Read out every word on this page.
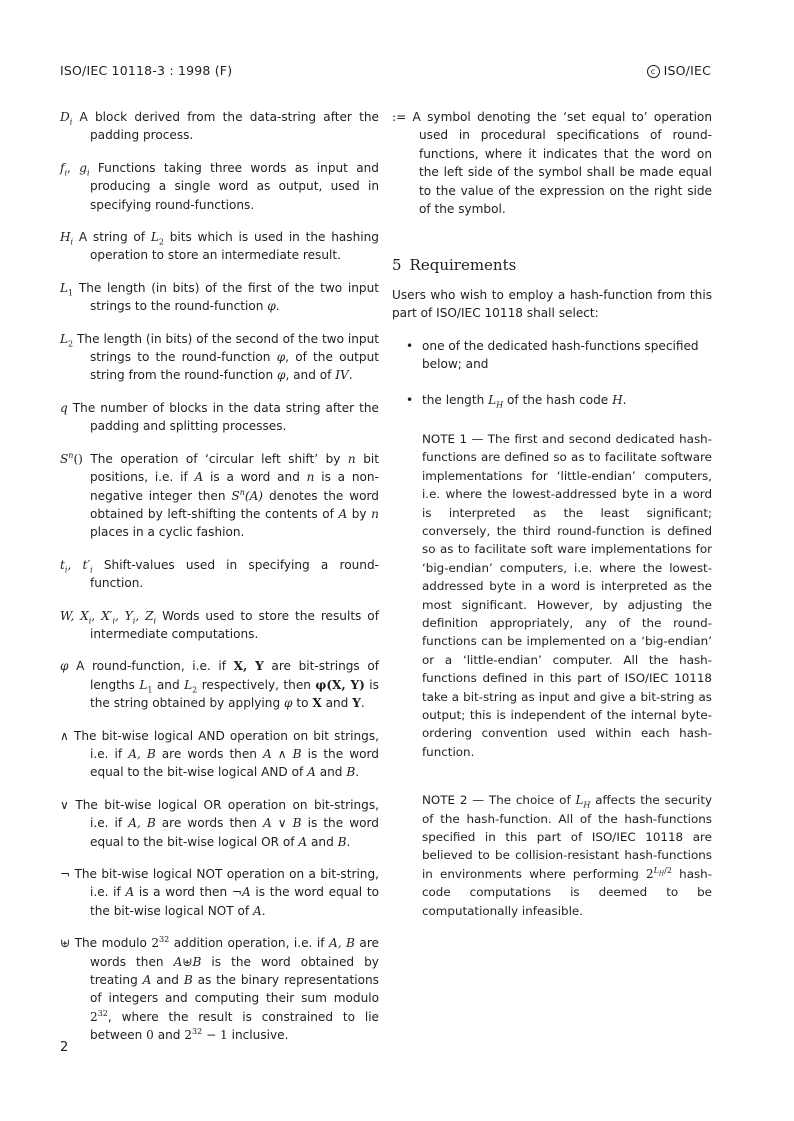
ISO/IEC 10118-3 : 1998 (F)	c ISO/IEC
$D_i$ A block derived from the data-string after the padding process.
$f_i$, $g_i$ Functions taking three words as input and producing a single word as output, used in specifying round-functions.
$H_i$ A string of $L_2$ bits which is used in the hashing operation to store an intermediate result.
$L_1$ The length (in bits) of the first of the two input strings to the round-function φ.
$L_2$ The length (in bits) of the second of the two input strings to the round-function φ, of the output string from the round-function φ, and of IV.
q The number of blocks in the data string after the padding and splitting processes.
$S^n()$ The operation of ‘circular left shift’ by n bit positions, i.e. if A is a word and n is a non-negative integer then $S^n(A)$ denotes the word obtained by left-shifting the contents of A by n places in a cyclic fashion.
$t_i$, $t'_i$ Shift-values used in specifying a round-function.
W, $X_i$, $X'_i$, $Y_i$, $Z_i$ Words used to store the results of intermediate computations.
φ A round-function, i.e. if X, Y are bit-strings of lengths $L_1$ and $L_2$ respectively, then φ(X, Y) is the string obtained by applying φ to X and Y.
∧ The bit-wise logical AND operation on bit strings, i.e. if A, B are words then A ∧ B is the word equal to the bit-wise logical AND of A and B.
∨ The bit-wise logical OR operation on bit-strings, i.e. if A, B are words then A ∨ B is the word equal to the bit-wise logical OR of A and B.
¬ The bit-wise logical NOT operation on a bit-string, i.e. if A is a word then ¬A is the word equal to the bit-wise logical NOT of A.
⊎ The modulo $2^{32}$ addition operation, i.e. if A, B are words then A⊎B is the word obtained by treating A and B as the binary representations of integers and computing their sum modulo $2^{32}$, where the result is constrained to lie between 0 and $2^{32} - 1$ inclusive.
:= A symbol denoting the ‘set equal to’ operation used in procedural specifications of round-functions, where it indicates that the word on the left side of the symbol shall be made equal to the value of the expression on the right side of the symbol.
5 Requirements
Users who wish to employ a hash-function from this part of ISO/IEC 10118 shall select:
• one of the dedicated hash-functions specified below; and
• the length $L_H$ of the hash code H.
NOTE 1 — The first and second dedicated hash-functions are defined so as to facilitate software implementations for ‘little-endian’ computers, i.e. where the lowest-addressed byte in a word is interpreted as the least significant; conversely, the third round-function is defined so as to facilitate soft ware implementations for ‘big-endian’ computers, i.e. where the lowest-addressed byte in a word is interpreted as the most significant. However, by adjusting the definition appropriately, any of the round-functions can be implemented on a ‘big-endian’ or a ‘little-endian’ computer. All the hash-functions defined in this part of ISO/IEC 10118 take a bit-string as input and give a bit-string as output; this is independent of the internal byte-ordering convention used within each hash-function.
NOTE 2 — The choice of $L_H$ affects the security of the hash-function. All of the hash-functions specified in this part of ISO/IEC 10118 are believed to be collision-resistant hash-functions in environments where performing $2^{L_H/2}$ hash-code computations is deemed to be computationally infeasible.
2
